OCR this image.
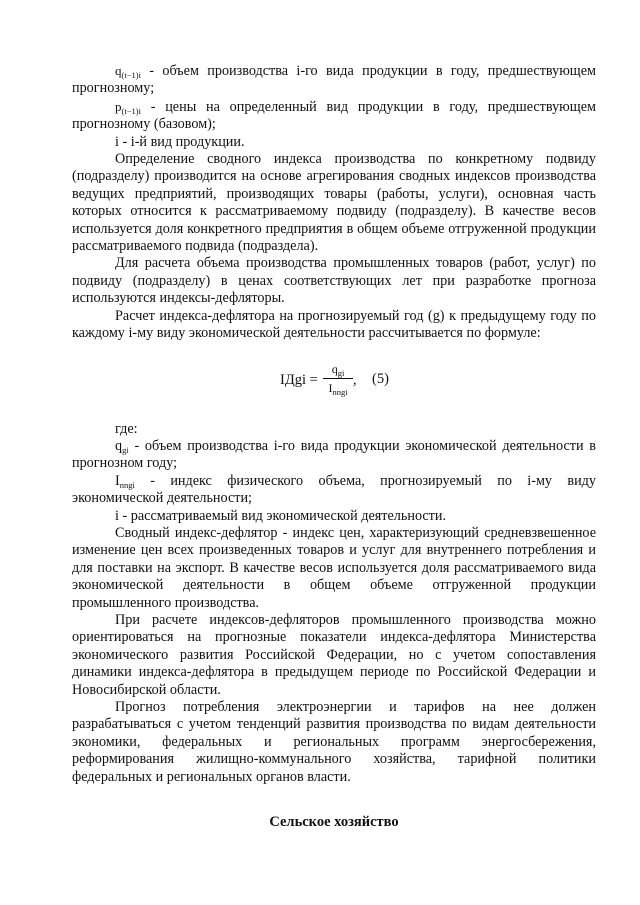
$q_{(t-1)i}$ - объем производства i-го вида продукции в году, предшествующем прогнозному;

$p_{(t-1)i}$ - цены на определенный вид продукции в году, предшествующем прогнозному (базовом);

i - i-й вид продукции.

Определение сводного индекса производства по конкретному подвиду (подразделу) производится на основе агрегирования сводных индексов производства ведущих предприятий, производящих товары (работы, услуги), основная часть которых относится к рассматриваемому подвиду (подразделу). В качестве весов используется доля конкретного предприятия в общем объеме отгруженной продукции рассматриваемого подвида (подраздела).

Для расчета объема производства промышленных товаров (работ, услуг) по подвиду (подразделу) в ценах соответствующих лет при разработке прогноза используются индексы-дефляторы.

Расчет индекса-дефлятора на прогнозируемый год (g) к предыдущему году по каждому i-му виду экономической деятельности рассчитывается по формуле:

IДgi =
$q_{gi}$
$I_{nngi}$
, (5)

где:

$q_{gi}$ - объем производства i-го вида продукции экономической деятельности в прогнозном году;

$I_{nngi}$ - индекс физического объема, прогнозируемый по i-му виду экономической деятельности;

i - рассматриваемый вид экономической деятельности.

Сводный индекс-дефлятор - индекс цен, характеризующий средневзвешенное изменение цен всех произведенных товаров и услуг для внутреннего потребления и для поставки на экспорт. В качестве весов используется доля рассматриваемого вида экономической деятельности в общем объеме отгруженной продукции промышленного производства.

При расчете индексов-дефляторов промышленного производства можно ориентироваться на прогнозные показатели индекса-дефлятора Министерства экономического развития Российской Федерации, но с учетом сопоставления динамики индекса-дефлятора в предыдущем периоде по Российской Федерации и Новосибирской области.

Прогноз потребления электроэнергии и тарифов на нее должен разрабатываться с учетом тенденций развития производства по видам деятельности экономики, федеральных и региональных программ энергосбережения, реформирования жилищно-коммунального хозяйства, тарифной политики федеральных и региональных органов власти.

Сельское хозяйство
